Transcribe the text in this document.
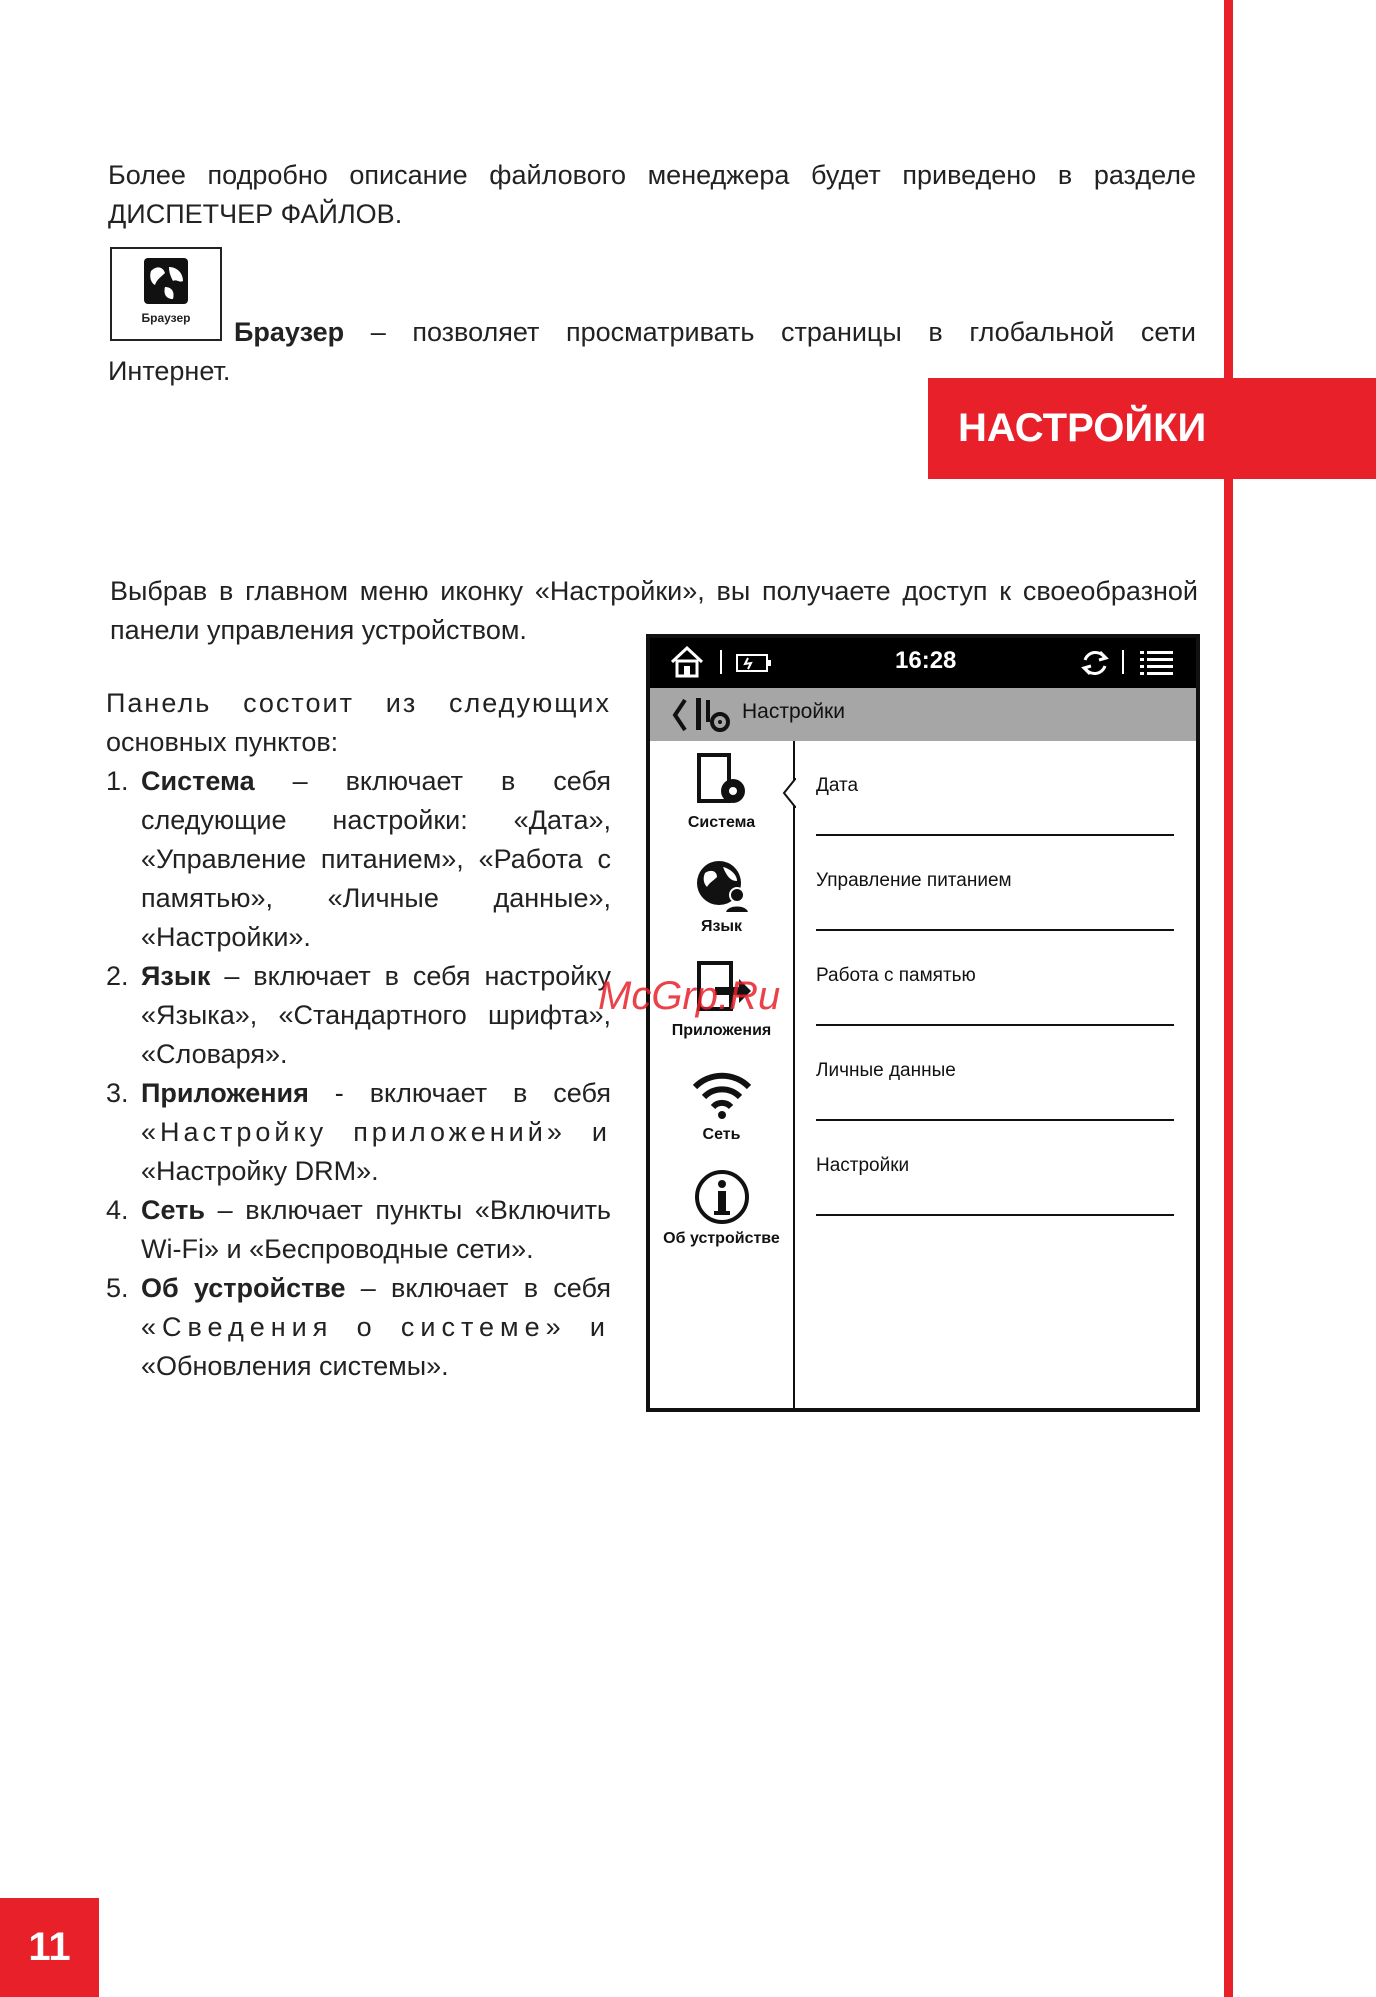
Более подробно описание файлового менеджера будет приведено в разделе
ДИСПЕТЧЕР ФАЙЛОВ.
Браузер	Браузер – позволяет просматривать страницы в глобальной сети
Интернет.
НАСТРОЙКИ
Выбрав в главном меню иконку «Настройки», вы получаете доступ к своеобразной
панели управления устройством.
Панель состоит из следующих
основных пунктов:
1. Система – включает в себя
следующие настройки: «Дата»,
«Управление питанием», «Работа с
памятью», «Личные данные»,
«Настройки».
2. Язык – включает в себя настройку
«Языка», «Стандартного шрифта»,
«Словаря».
3. Приложения - включает в себя
«Настройку приложений» и
«Настройку DRM».
4. Сеть – включает пункты «Включить
Wi-Fi» и «Беспроводные сети».
5. Об устройстве – включает в себя
«Сведения о системе» и
«Обновления системы».
16:28
Настройки
Система
Язык
Приложения
Сеть
Об устройстве
Дата
Управление питанием
Работа с памятью
Личные данные
Настройки
McGrp.Ru
11
